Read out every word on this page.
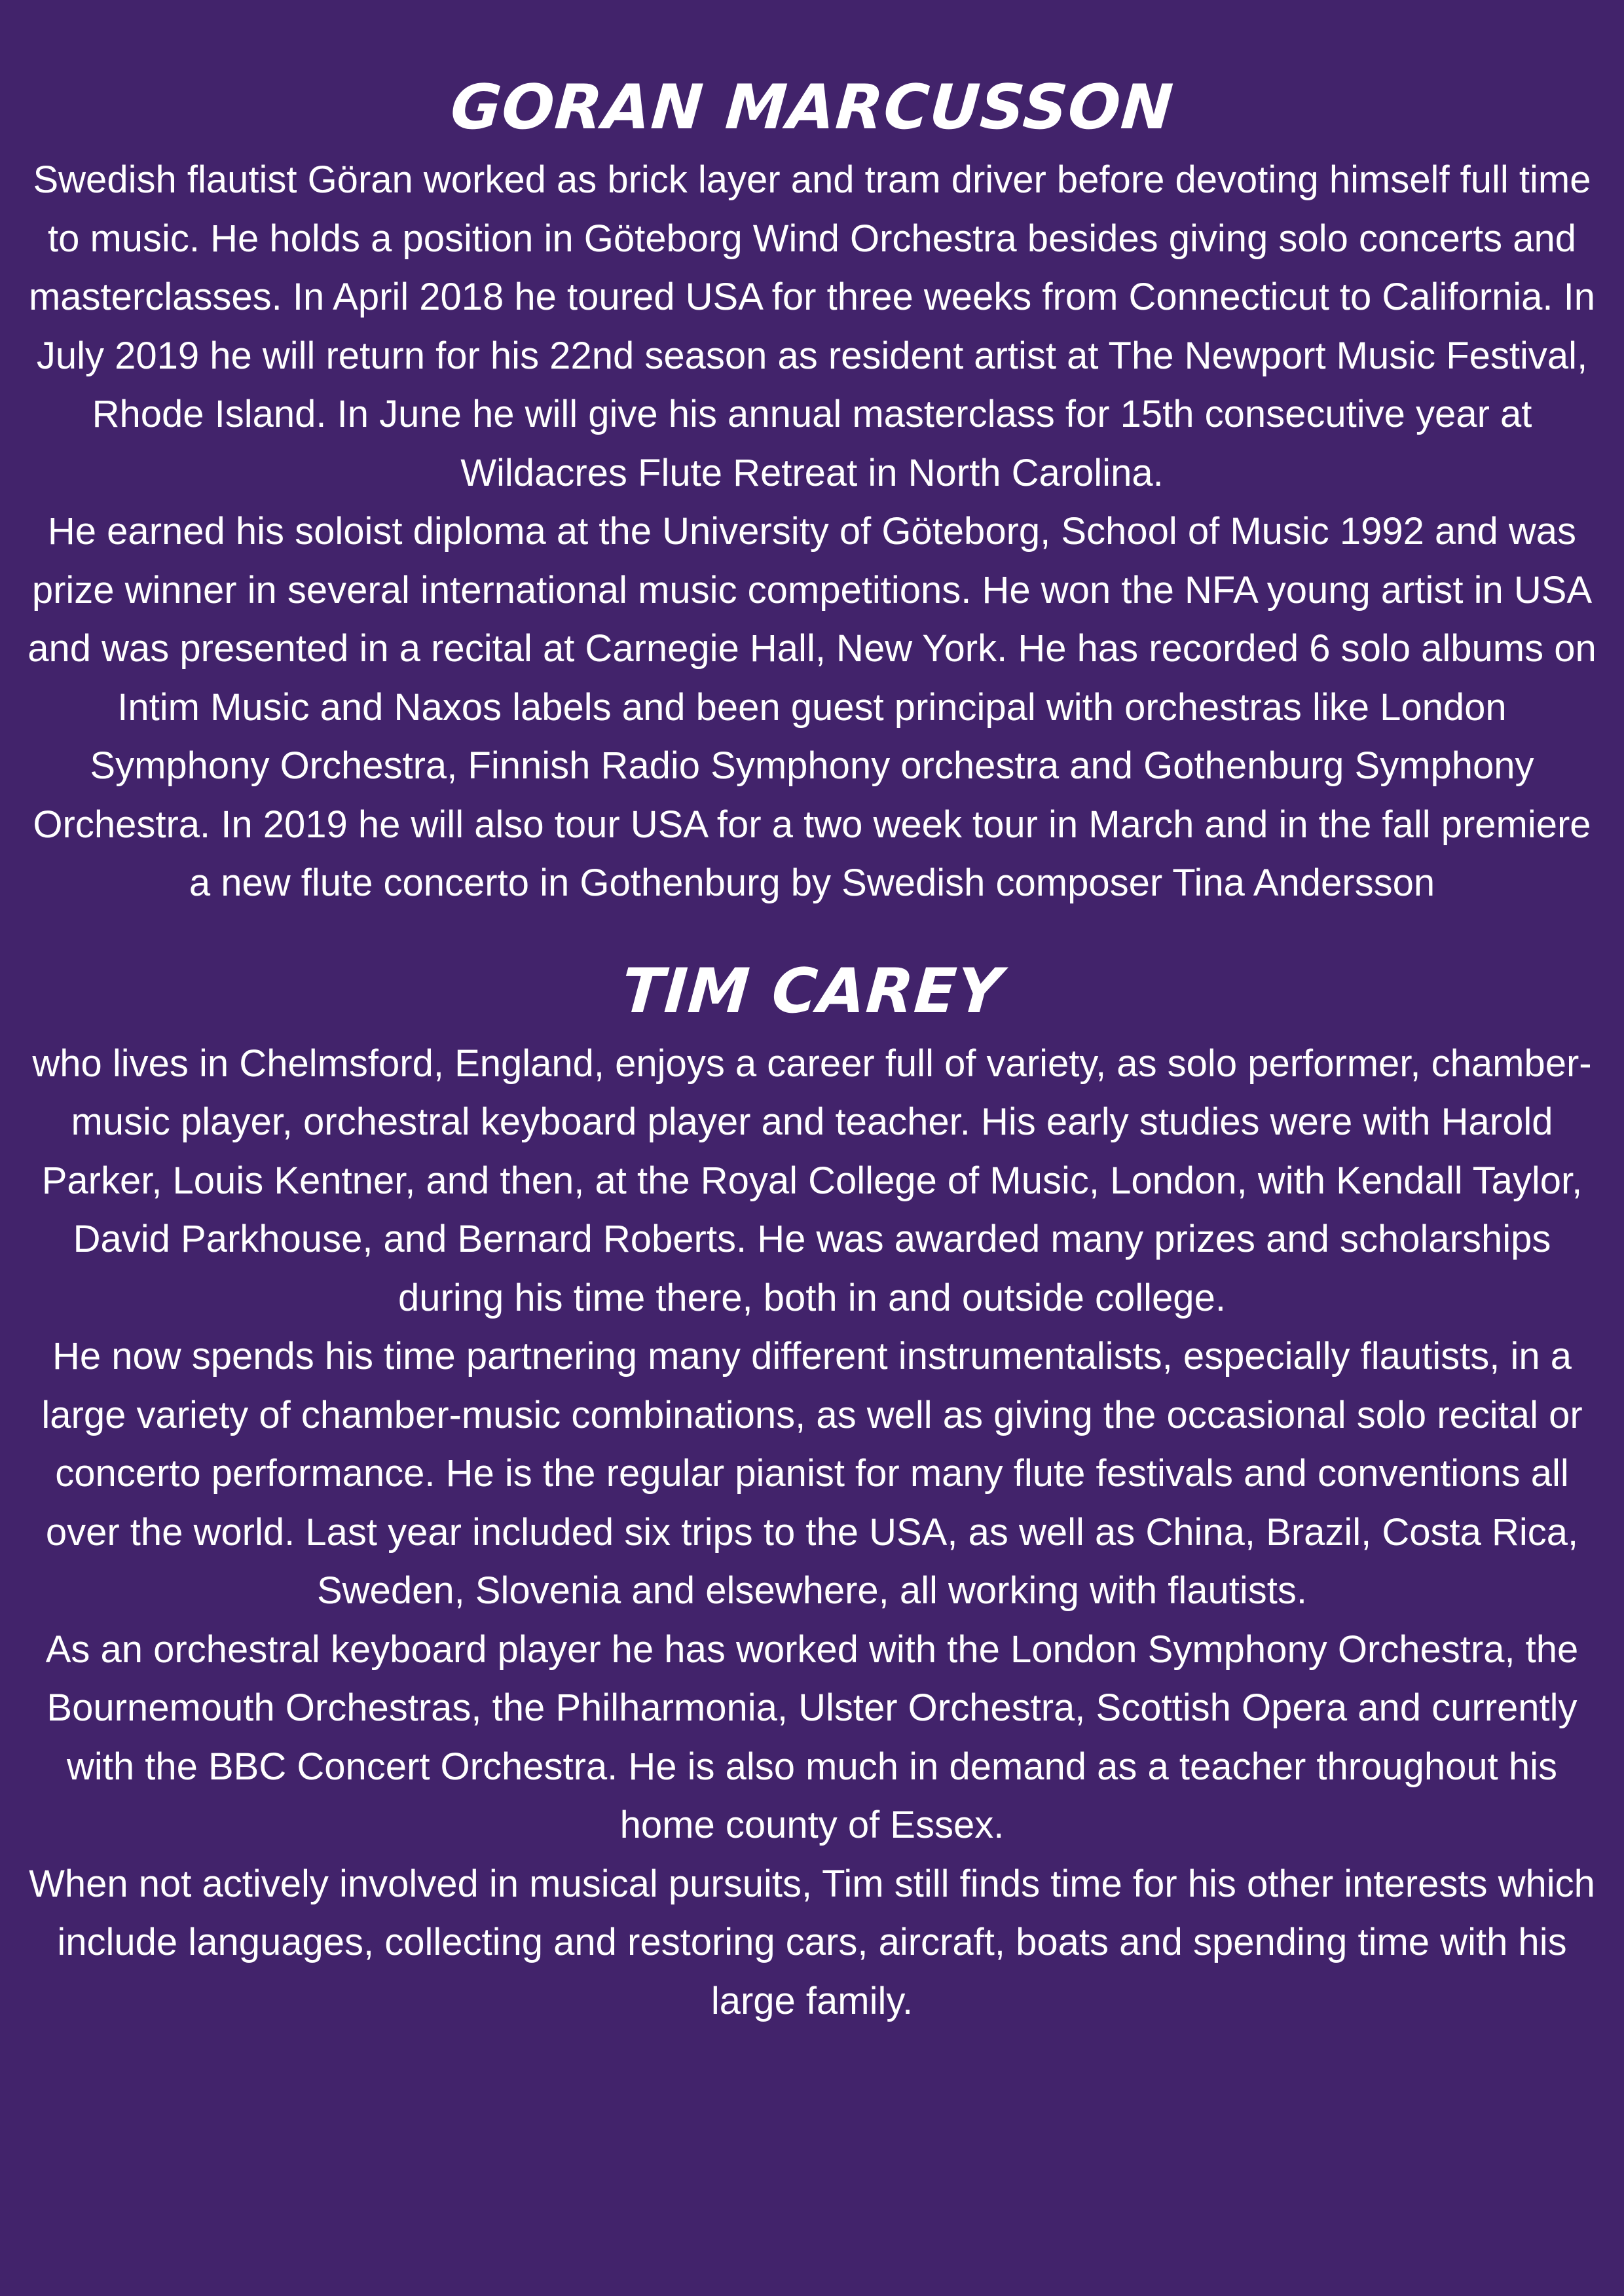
GORAN MARCUSSON

Swedish flautist Göran worked as brick layer and tram driver before devoting himself full time to music. He holds a position in Göteborg Wind Orchestra besides giving solo concerts and masterclasses. In April 2018 he toured USA for three weeks from Connecticut to California. In July 2019 he will return for his 22nd season as resident artist at The Newport Music Festival, Rhode Island. In June he will give his annual masterclass for 15th consecutive year at Wildacres Flute Retreat in North Carolina.

He earned his soloist diploma at the University of Göteborg, School of Music 1992 and was prize winner in several international music competitions. He won the NFA young artist in USA and was presented in a recital at Carnegie Hall, New York. He has recorded 6 solo albums on Intim Music and Naxos labels and been guest principal with orchestras like London Symphony Orchestra, Finnish Radio Symphony orchestra and Gothenburg Symphony Orchestra. In 2019 he will also tour USA for a two week tour in March and in the fall premiere a new flute concerto in Gothenburg by Swedish composer Tina Andersson

TIM CAREY

who lives in Chelmsford, England, enjoys a career full of variety, as solo performer, chamber-music player, orchestral keyboard player and teacher. His early studies were with Harold Parker, Louis Kentner, and then, at the Royal College of Music, London, with Kendall Taylor, David Parkhouse, and Bernard Roberts. He was awarded many prizes and scholarships during his time there, both in and outside college.

He now spends his time partnering many different instrumentalists, especially flautists, in a large variety of chamber-music combinations, as well as giving the occasional solo recital or concerto performance. He is the regular pianist for many flute festivals and conventions all over the world. Last year included six trips to the USA, as well as China, Brazil, Costa Rica, Sweden, Slovenia and elsewhere, all working with flautists.

As an orchestral keyboard player he has worked with the London Symphony Orchestra, the Bournemouth Orchestras, the Philharmonia, Ulster Orchestra, Scottish Opera and currently with the BBC Concert Orchestra. He is also much in demand as a teacher throughout his home county of Essex.

When not actively involved in musical pursuits, Tim still finds time for his other interests which include languages, collecting and restoring cars, aircraft, boats and spending time with his large family.
